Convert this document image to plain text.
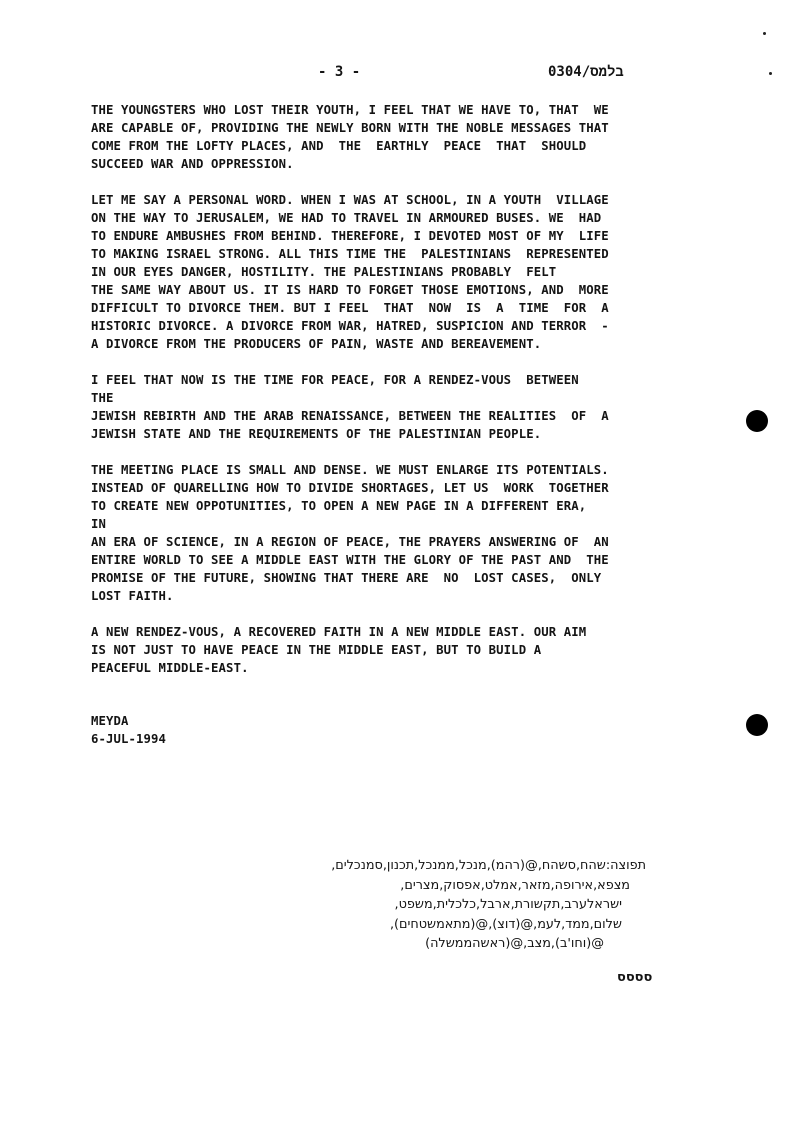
- 3 -	בלמס/0304
THE YOUNGSTERS WHO LOST THEIR YOUTH, I FEEL THAT WE HAVE TO, THAT  WE
ARE CAPABLE OF, PROVIDING THE NEWLY BORN WITH THE NOBLE MESSAGES THAT
COME FROM THE LOFTY PLACES, AND  THE  EARTHLY  PEACE  THAT  SHOULD
SUCCEED WAR AND OPPRESSION.
LET ME SAY A PERSONAL WORD. WHEN I WAS AT SCHOOL, IN A YOUTH  VILLAGE
ON THE WAY TO JERUSALEM, WE HAD TO TRAVEL IN ARMOURED BUSES. WE  HAD
TO ENDURE AMBUSHES FROM BEHIND. THEREFORE, I DEVOTED MOST OF MY  LIFE
TO MAKING ISRAEL STRONG. ALL THIS TIME THE  PALESTINIANS  REPRESENTED
IN OUR EYES DANGER, HOSTILITY. THE PALESTINIANS PROBABLY  FELT
THE SAME WAY ABOUT US. IT IS HARD TO FORGET THOSE EMOTIONS, AND  MORE
DIFFICULT TO DIVORCE THEM. BUT I FEEL  THAT  NOW  IS  A  TIME  FOR  A
HISTORIC DIVORCE. A DIVORCE FROM WAR, HATRED, SUSPICION AND TERROR  -
A DIVORCE FROM THE PRODUCERS OF PAIN, WASTE AND BEREAVEMENT.
I FEEL THAT NOW IS THE TIME FOR PEACE, FOR A RENDEZ-VOUS  BETWEEN
THE
JEWISH REBIRTH AND THE ARAB RENAISSANCE, BETWEEN THE REALITIES  OF  A
JEWISH STATE AND THE REQUIREMENTS OF THE PALESTINIAN PEOPLE.
THE MEETING PLACE IS SMALL AND DENSE. WE MUST ENLARGE ITS POTENTIALS.
INSTEAD OF QUARELLING HOW TO DIVIDE SHORTAGES, LET US  WORK  TOGETHER
TO CREATE NEW OPPOTUNITIES, TO OPEN A NEW PAGE IN A DIFFERENT ERA,
IN
AN ERA OF SCIENCE, IN A REGION OF PEACE, THE PRAYERS ANSWERING OF  AN
ENTIRE WORLD TO SEE A MIDDLE EAST WITH THE GLORY OF THE PAST AND  THE
PROMISE OF THE FUTURE, SHOWING THAT THERE ARE  NO  LOST CASES,  ONLY
LOST FAITH.
A NEW RENDEZ-VOUS, A RECOVERED FAITH IN A NEW MIDDLE EAST. OUR AIM
IS NOT JUST TO HAVE PEACE IN THE MIDDLE EAST, BUT TO BUILD A
PEACEFUL MIDDLE-EAST.
MEYDA
6-JUL-1994
תפוצה:שהח,סשהח,@(רהמ),מנכל,ממנכל,תכנון,סמנכלים,
מצפא,אירופה,מזאר,אמלט,אפסוק,מצרים,
ישראלערב,תקשורת,ארבל,כלכלית,משפט,
שלום,ממד,לעמ,@(דוצ),@(מתאמשטחים),
@(וחו'ב),מצב,@(ראשהממשלה)
סססס
